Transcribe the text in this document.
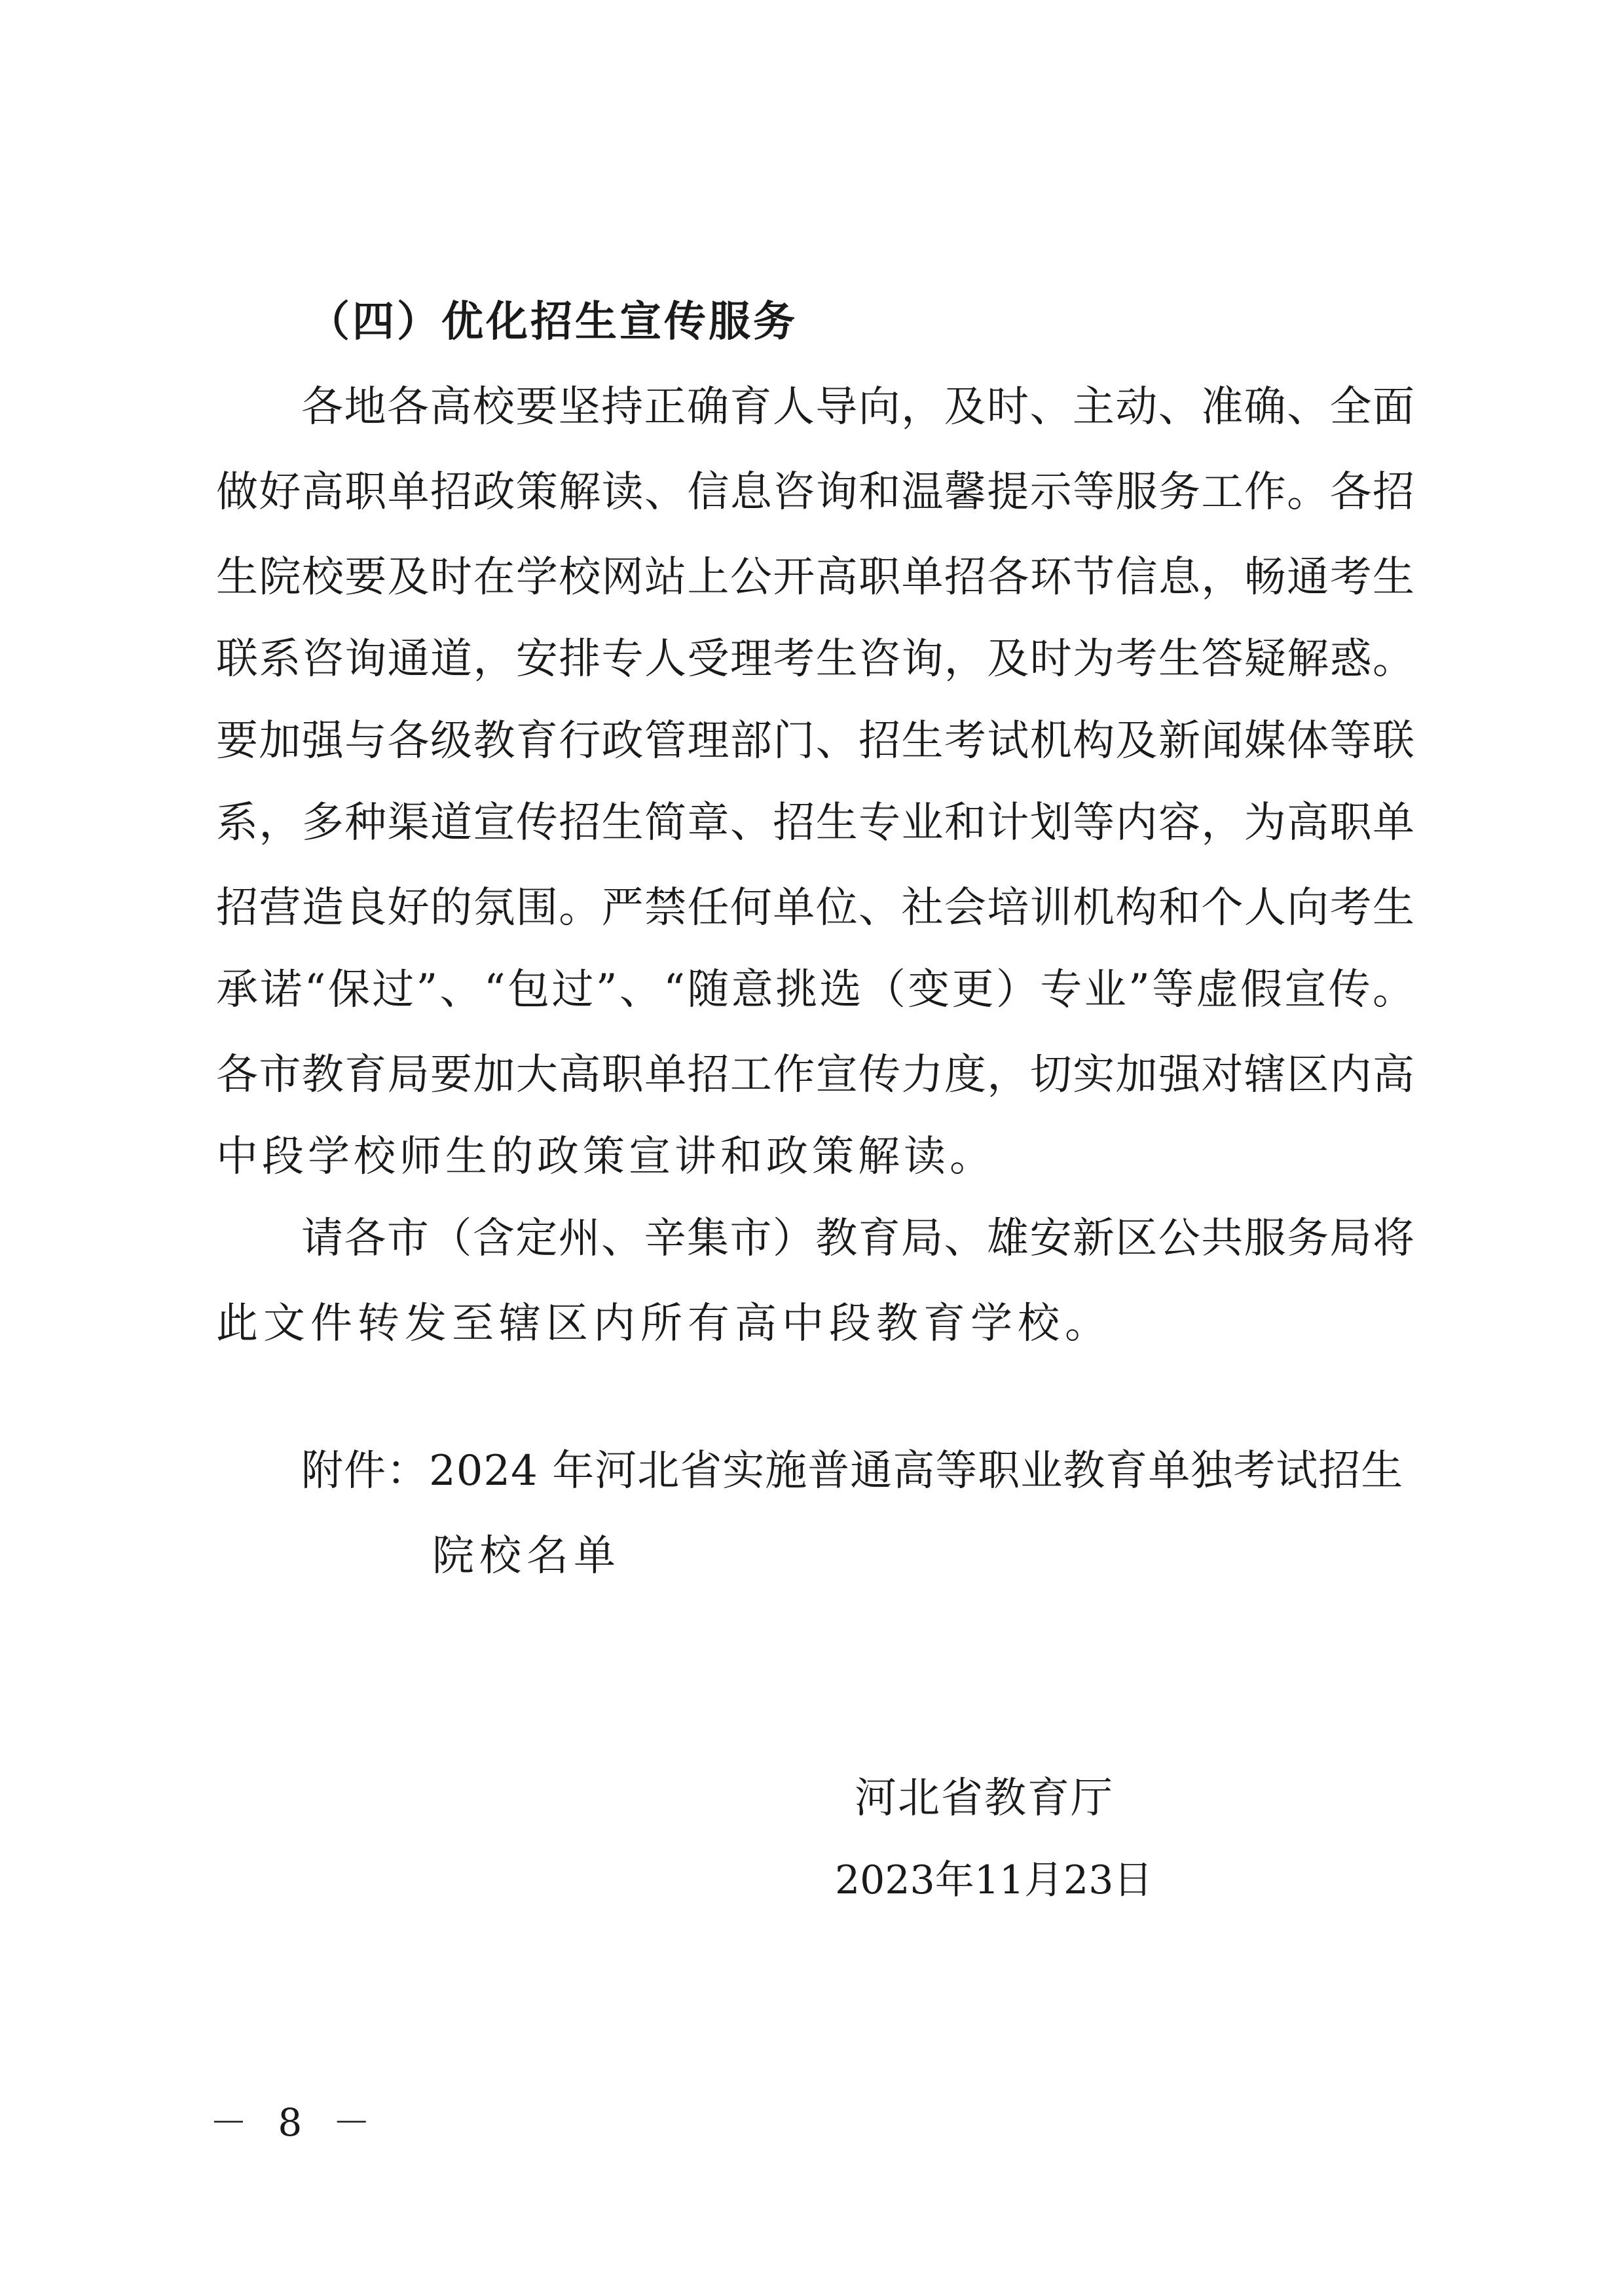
（四）优化招生宣传服务
各地各高校要坚持正确育人导向，及时、主动、准确、全面
做好高职单招政策解读、信息咨询和温馨提示等服务工作。各招
生院校要及时在学校网站上公开高职单招各环节信息，畅通考生
联系咨询通道，安排专人受理考生咨询，及时为考生答疑解惑。
要加强与各级教育行政管理部门、招生考试机构及新闻媒体等联
系，多种渠道宣传招生简章、招生专业和计划等内容，为高职单
招营造良好的氛围。严禁任何单位、社会培训机构和个人向考生
承诺“保过”、“包过”、“随意挑选（变更）专业”等虚假宣传。
各市教育局要加大高职单招工作宣传力度，切实加强对辖区内高
中段学校师生的政策宣讲和政策解读。
请各市（含定州、辛集市）教育局、雄安新区公共服务局将
此文件转发至辖区内所有高中段教育学校。
附件：2024 年河北省实施普通高等职业教育单独考试招生
院校名单
河北省教育厅
2023年11月23日
－ 8 －
